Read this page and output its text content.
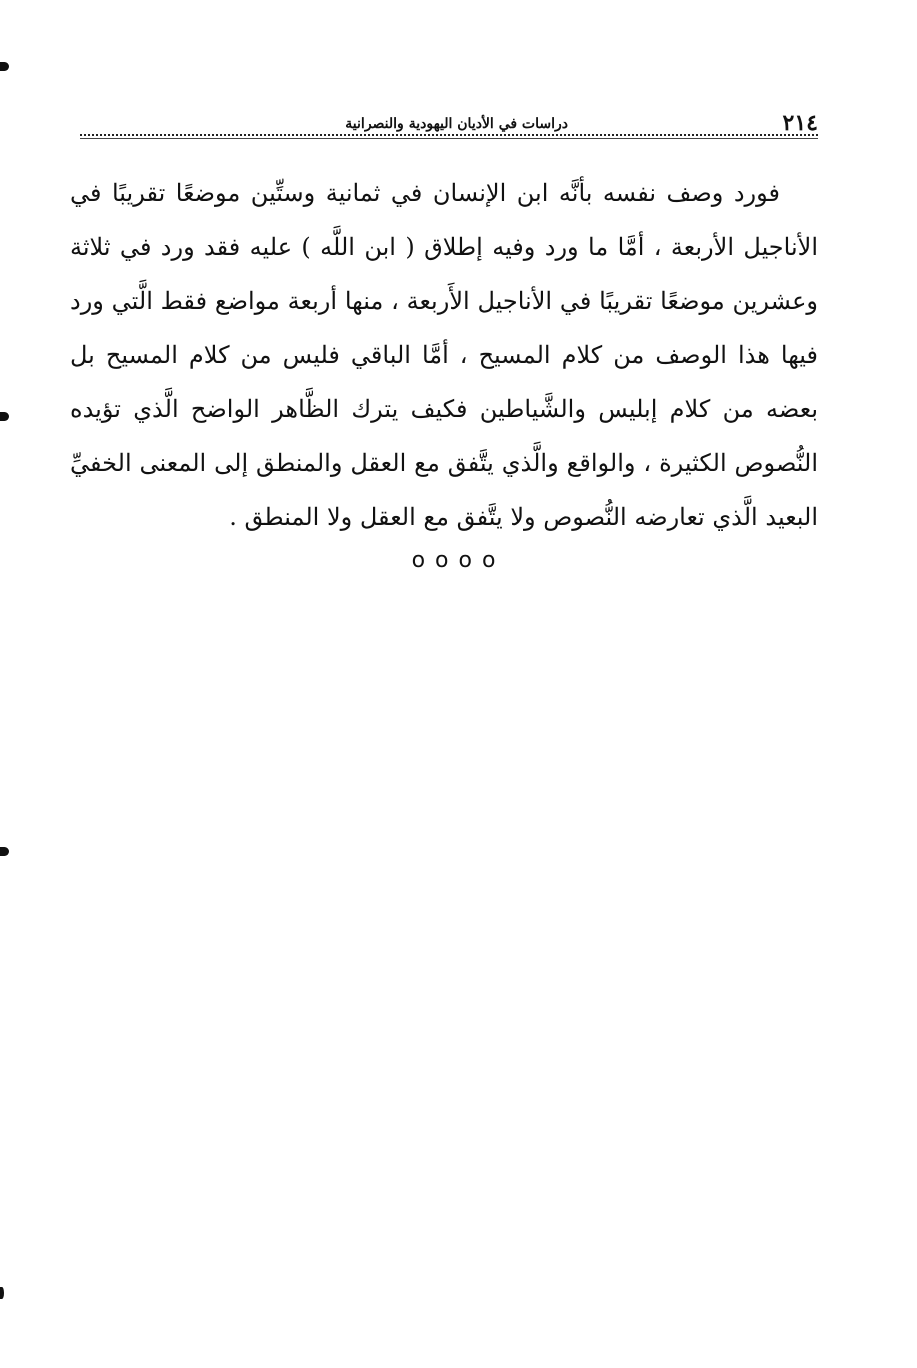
٢١٤
دراسات في الأديان اليهودية والنصرانية

فورد وصف نفسه بأنَّه ابن الإنسان في ثمانية وستِّين موضعًا تقريبًا في الأناجيل الأربعة ، أمَّا ما ورد وفيه إطلاق ( ابن اللَّه ) عليه فقد ورد في ثلاثة وعشرين موضعًا تقريبًا في الأناجيل الأَربعة ، منها أربعة مواضع فقط الَّتي ورد فيها هذا الوصف من كلام المسيح ، أمَّا الباقي فليس من كلام المسيح بل بعضه من كلام إبليس والشَّياطين فكيف يترك الظَّاهر الواضح الَّذي تؤيده النُّصوص الكثيرة ، والواقع والَّذي يتَّفق مع العقل والمنطق إلى المعنى الخفيِّ البعيد الَّذي تعارضه النُّصوص ولا يتَّفق مع العقل ولا المنطق .

oooo
